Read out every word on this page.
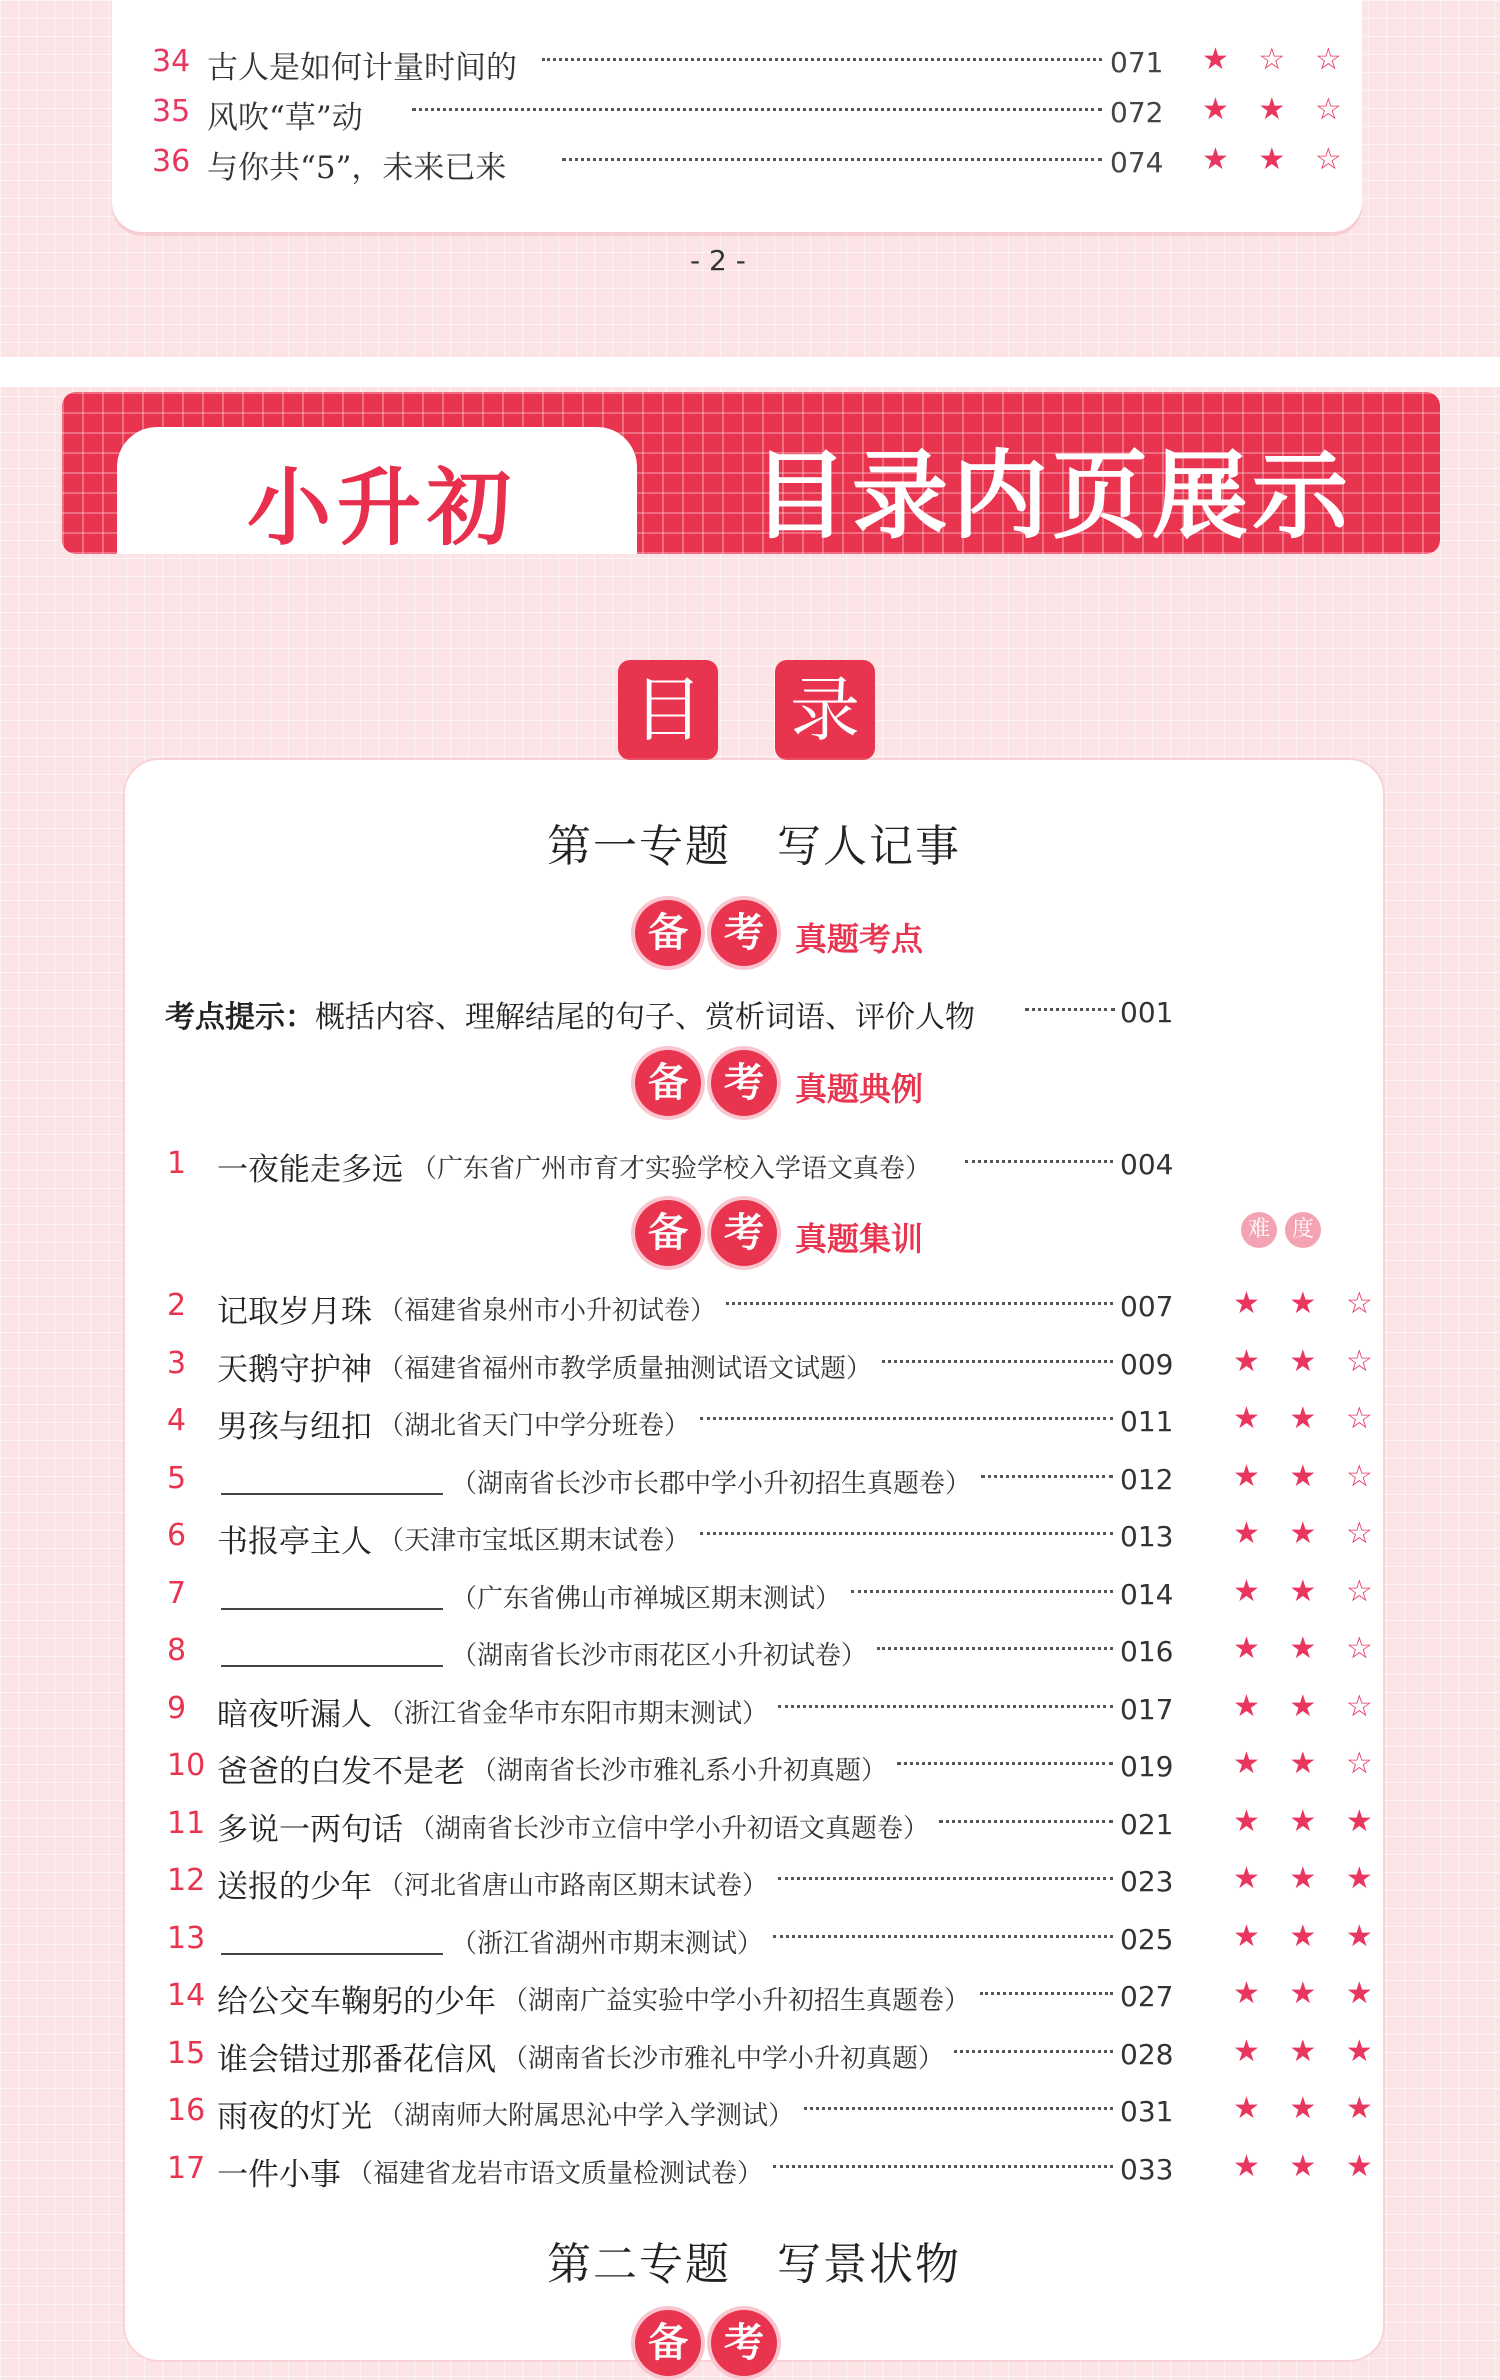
34 古人是如何计量时间的	071 ★ ☆ ☆
35 风吹“草”动	072 ★ ★ ☆
36 与你共“5”，未来已来	074 ★ ★ ☆
- 2 -
小升初 目录内页展示
目 录
第一专题　写人记事
备 考 真题考点
考点提示：概括内容、理解结尾的句子、赏析词语、评价人物	001
备 考 真题典例
1 一夜能走多远 （广东省广州市育才实验学校入学语文真卷）	004
备 考 真题集训	难 度
2 记取岁月珠 （福建省泉州市小升初试卷）	007 ★ ★ ☆
3 天鹅守护神 （福建省福州市教学质量抽测试语文试题）	009 ★ ★ ☆
4 男孩与纽扣 （湖北省天门中学分班卷）	011 ★ ★ ☆
5	（湖南省长沙市长郡中学小升初招生真题卷）	012 ★ ★ ☆
6 书报亭主人 （天津市宝坻区期末试卷）	013 ★ ★ ☆
7	（广东省佛山市禅城区期末测试）	014 ★ ★ ☆
8	（湖南省长沙市雨花区小升初试卷）	016 ★ ★ ☆
9 暗夜听漏人 （浙江省金华市东阳市期末测试）	017 ★ ★ ☆
10 爸爸的白发不是老 （湖南省长沙市雅礼系小升初真题）	019 ★ ★ ☆
11 多说一两句话 （湖南省长沙市立信中学小升初语文真题卷）	021 ★ ★ ★
12 送报的少年 （河北省唐山市路南区期末试卷）	023 ★ ★ ★
13	（浙江省湖州市期末测试）	025 ★ ★ ★
14 给公交车鞠躬的少年 （湖南广益实验中学小升初招生真题卷）	027 ★ ★ ★
15 谁会错过那番花信风 （湖南省长沙市雅礼中学小升初真题）	028 ★ ★ ★
16 雨夜的灯光 （湖南师大附属思沁中学入学测试）	031 ★ ★ ★
17 一件小事 （福建省龙岩市语文质量检测试卷）	033 ★ ★ ★
第二专题　写景状物
备 考
